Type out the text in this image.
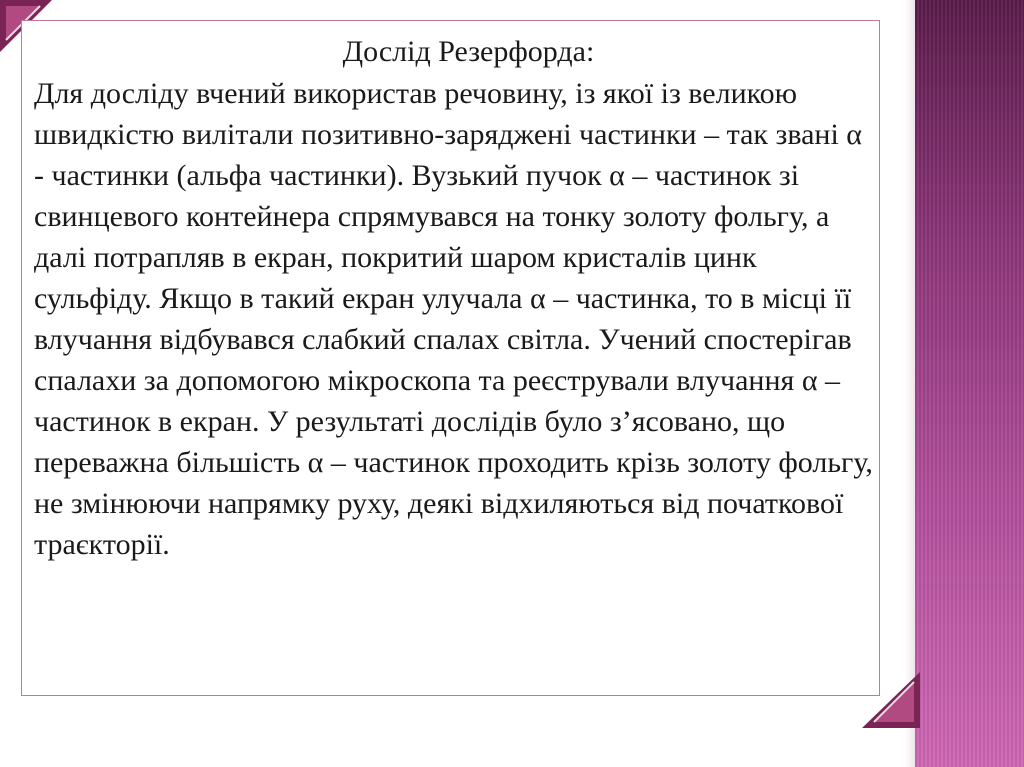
Дослід Резерфорда:
Для досліду вчений використав речовину, із якої із великою швидкістю вилітали позитивно-заряджені частинки – так звані α - частинки (альфа частинки). Вузький пучок α – частинок зі свинцевого контейнера спрямувався на тонку золоту фольгу, а далі потрапляв в екран, покритий шаром кристалів цинк сульфіду. Якщо в такий екран улучала α – частинка, то в місці її влучання відбувався слабкий спалах світла. Учений спостерігав спалахи за допомогою мікроскопа та реєстрували влучання α – частинок в екран. У результаті дослідів було з’ясовано, що переважна більшість α – частинок проходить крізь золоту фольгу, не змінюючи напрямку руху, деякі відхиляються від початкової траєкторії.
